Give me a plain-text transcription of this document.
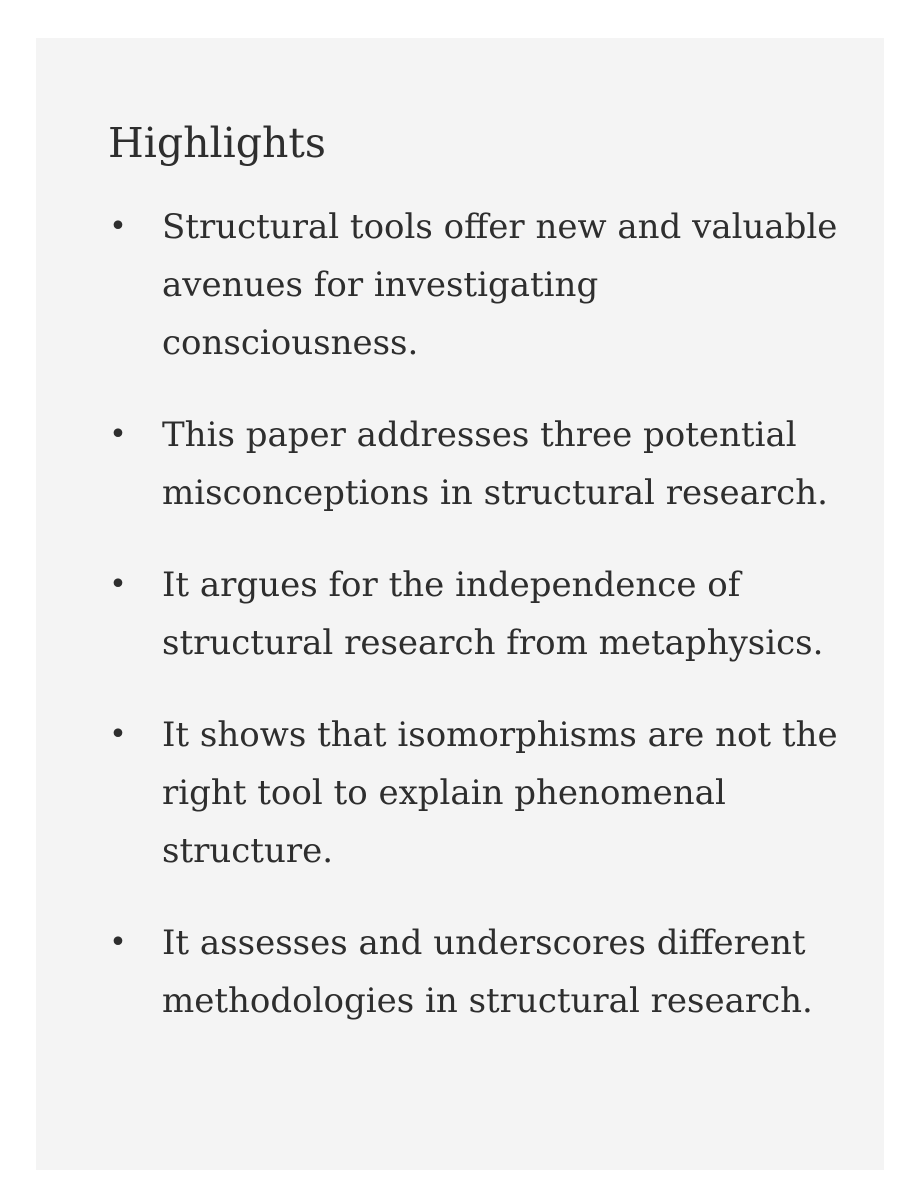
Highlights
• Structural tools offer new and valuable avenues for investigating consciousness.
• This paper addresses three potential misconceptions in structural research.
• It argues for the independence of structural research from metaphysics.
• It shows that isomorphisms are not the right tool to explain phenomenal structure.
• It assesses and underscores different methodologies in structural research.
